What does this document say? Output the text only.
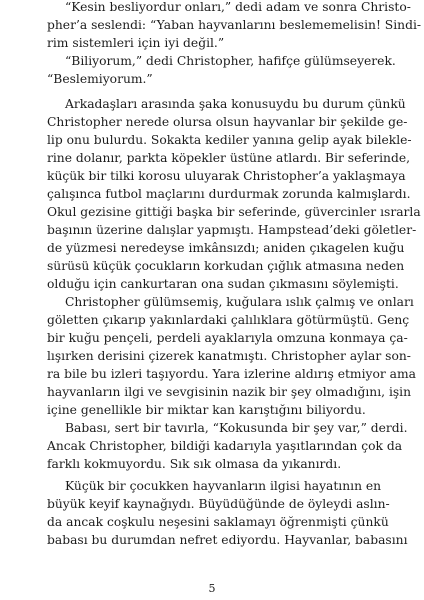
“Kesin besliyordur onları,” dedi adam ve sonra Christo-
pher’a seslendi: “Yaban hayvanlarını beslememelisin! Sindi-
rim sistemleri için iyi değil.”
“Biliyorum,” dedi Christopher, hafifçe gülümseyerek.
“Beslemiyorum.”
Arkadaşları arasında şaka konusuydu bu durum çünkü
Christopher nerede olursa olsun hayvanlar bir şekilde ge-
lip onu bulurdu. Sokakta kediler yanına gelip ayak bilekle-
rine dolanır, parkta köpekler üstüne atlardı. Bir seferinde,
küçük bir tilki korosu uluyarak Christopher’a yaklaşmaya
çalışınca futbol maçlarını durdurmak zorunda kalmışlardı.
Okul gezisine gittiği başka bir seferinde, güvercinler ısrarla
başının üzerine dalışlar yapmıştı. Hampstead’deki göletler-
de yüzmesi neredeyse imkânsızdı; aniden çıkagelen kuğu
sürüsü küçük çocukların korkudan çığlık atmasına neden
olduğu için cankurtaran ona sudan çıkmasını söylemişti.
Christopher gülümsemiş, kuğulara ıslık çalmış ve onları
göletten çıkarıp yakınlardaki çalılıklara götürmüştü. Genç
bir kuğu pençeli, perdeli ayaklarıyla omzuna konmaya ça-
lışırken derisini çizerek kanatmıştı. Christopher aylar son-
ra bile bu izleri taşıyordu. Yara izlerine aldırış etmiyor ama
hayvanların ilgi ve sevgisinin nazik bir şey olmadığını, işin
içine genellikle bir miktar kan karıştığını biliyordu.
Babası, sert bir tavırla, “Kokusunda bir şey var,” derdi.
Ancak Christopher, bildiği kadarıyla yaşıtlarından çok da
farklı kokmuyordu. Sık sık olmasa da yıkanırdı.
Küçük bir çocukken hayvanların ilgisi hayatının en
büyük keyif kaynağıydı. Büyüdüğünde de öyleydi aslın-
da ancak coşkulu neşesini saklamayı öğrenmişti çünkü
babası bu durumdan nefret ediyordu. Hayvanlar, babasını
5
